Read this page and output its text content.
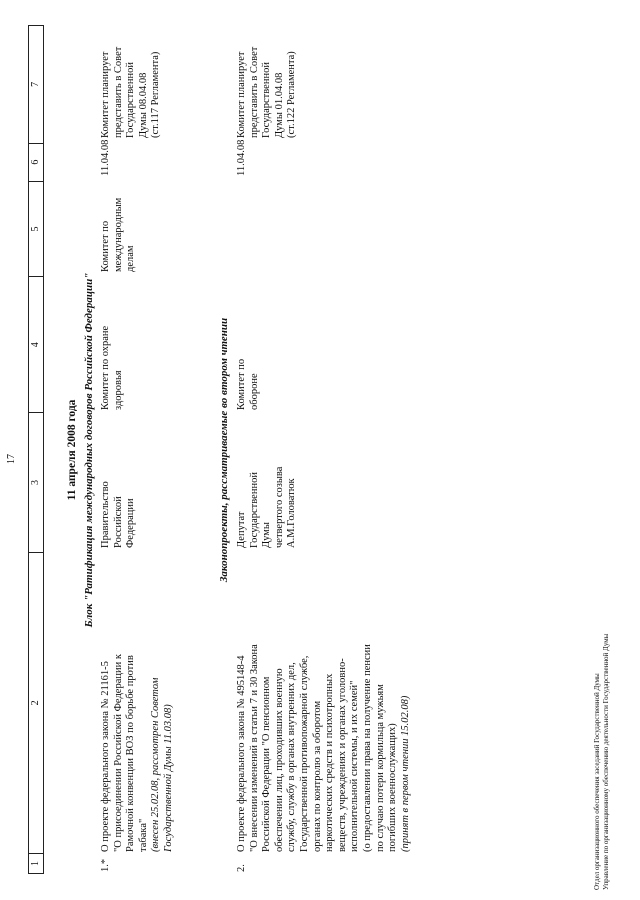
17
1
2
3
4
5
6
7
11 апреля 2008 года Блок "Ратификация международных договоров Российской Федерации"
1.*
О проекте федерального закона № 21161-5 "О присоединении Российской Федерации к Рамочной конвенции ВОЗ по борьбе против табака" (внесен 25.02.08, рассмотрен Советом Государственной Думы 11.03.08)
Правительство Российской Федерации
Комитет по охране здоровья
Комитет по международным делам
11.04.08
Комитет планирует представить в Совет Государственной Думы 08.04.08 (ст.117 Регламента)
Законопроекты, рассматриваемые во втором чтении
2.
О проекте федерального закона № 495148-4 "О внесении изменений в статьи 7 и 30 Закона Российской Федерации "О пенсионном обеспечении лиц, проходивших военную службу, службу в органах внутренних дел, Государственной противопожарной службе, органах по контролю за оборотом наркотических средств и психотропных веществ, учреждениях и органах уголовно- исполнительной системы, и их семей" (о предоставлении права на получение пенсии по случаю потери кормильца мужьям погибших военнослужащих) (принят в первом чтении 15.02.08)
Депутат Государственной Думы четвертого созыва А.М.Головатюк
Комитет по обороне
11.04.08
Комитет планирует представить в Совет Государственной Думы 01.04.08 (ст.122 Регламента)
Отдел организационного обеспечения заседаний Государственной Думы Управление по организационному обеспечению деятельности Государственной Думы
